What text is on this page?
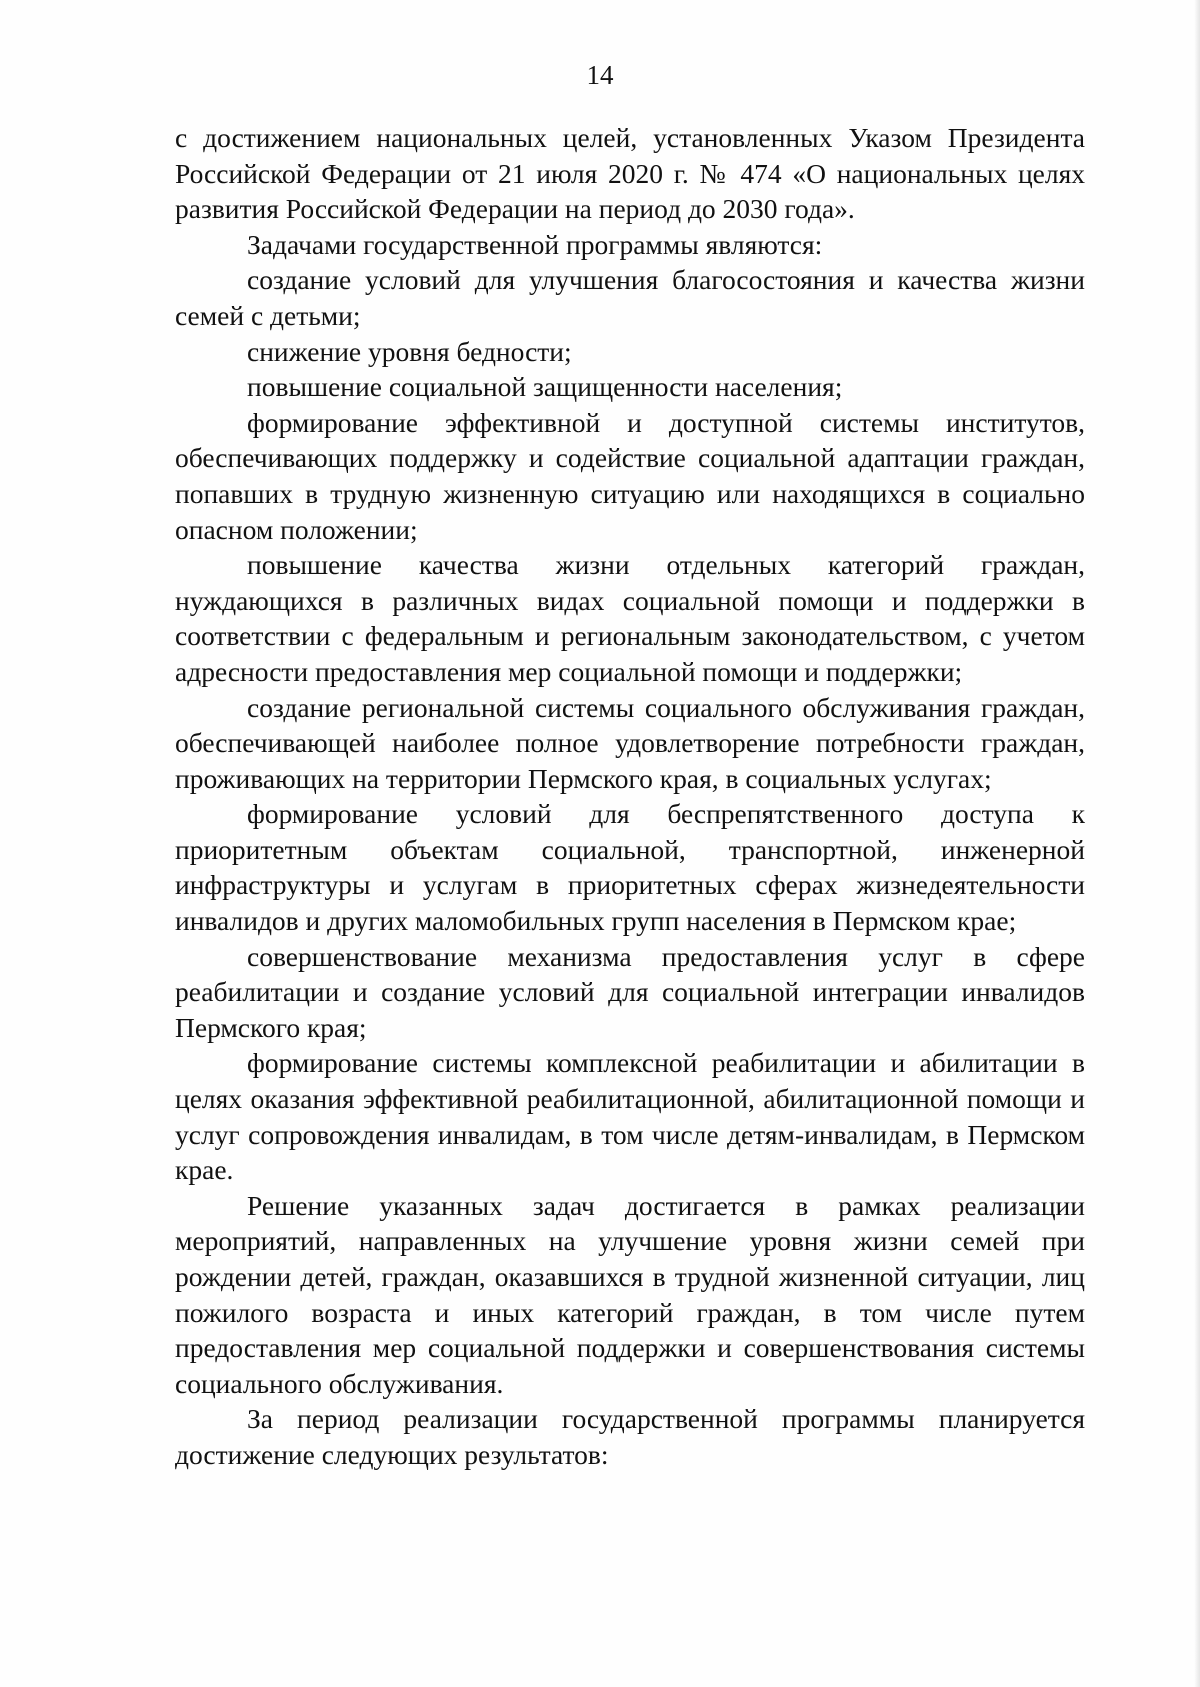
14

с достижением национальных целей, установленных Указом Президента Российской Федерации от 21 июля 2020 г. № 474 «О национальных целях развития Российской Федерации на период до 2030 года».

Задачами государственной программы являются:

создание условий для улучшения благосостояния и качества жизни семей с детьми;

снижение уровня бедности;

повышение социальной защищенности населения;

формирование эффективной и доступной системы институтов, обеспечивающих поддержку и содействие социальной адаптации граждан, попавших в трудную жизненную ситуацию или находящихся в социально опасном положении;

повышение качества жизни отдельных категорий граждан, нуждающихся в различных видах социальной помощи и поддержки в соответствии с федеральным и региональным законодательством, с учетом адресности предоставления мер социальной помощи и поддержки;

создание региональной системы социального обслуживания граждан, обеспечивающей наиболее полное удовлетворение потребности граждан, проживающих на территории Пермского края, в социальных услугах;

формирование условий для беспрепятственного доступа к приоритетным объектам социальной, транспортной, инженерной инфраструктуры и услугам в приоритетных сферах жизнедеятельности инвалидов и других маломобильных групп населения в Пермском крае;

совершенствование механизма предоставления услуг в сфере реабилитации и создание условий для социальной интеграции инвалидов Пермского края;

формирование системы комплексной реабилитации и абилитации в целях оказания эффективной реабилитационной, абилитационной помощи и услуг сопровождения инвалидам, в том числе детям-инвалидам, в Пермском крае.

Решение указанных задач достигается в рамках реализации мероприятий, направленных на улучшение уровня жизни семей при рождении детей, граждан, оказавшихся в трудной жизненной ситуации, лиц пожилого возраста и иных категорий граждан, в том числе путем предоставления мер социальной поддержки и совершенствования системы социального обслуживания.

За период реализации государственной программы планируется достижение следующих результатов:
